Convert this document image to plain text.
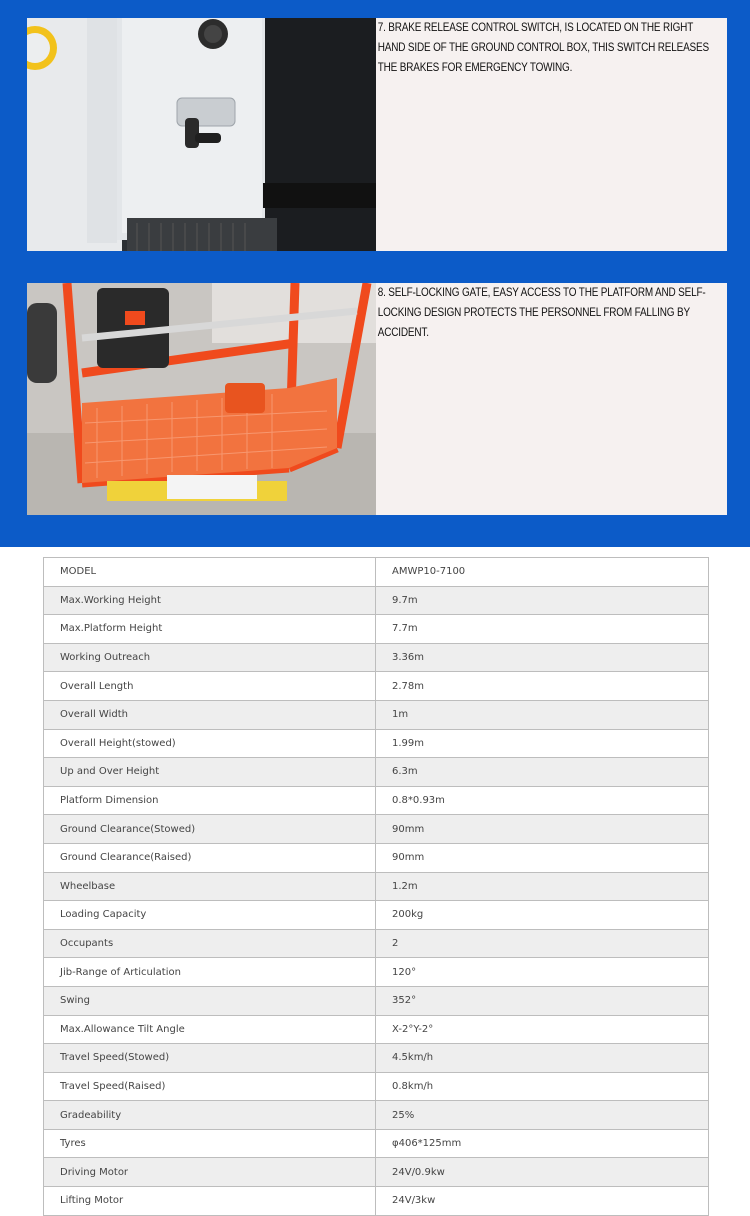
7. BRAKE RELEASE CONTROL SWITCH, IS LOCATED ON THE RIGHT HAND SIDE OF THE GROUND CONTROL BOX, THIS SWITCH RELEASES THE BRAKES FOR EMERGENCY TOWING.
8. SELF-LOCKING GATE, EASY ACCESS TO THE PLATFORM AND SELF-LOCKING DESIGN PROTECTS THE PERSONNEL FROM FALLING BY ACCIDENT.
MODEL	AMWP10-7100
Max.Working Height	9.7m
Max.Platform Height	7.7m
Working Outreach	3.36m
Overall Length	2.78m
Overall Width	1m
Overall Height(stowed)	1.99m
Up and Over Height	6.3m
Platform Dimension	0.8*0.93m
Ground Clearance(Stowed)	90mm
Ground Clearance(Raised)	90mm
Wheelbase	1.2m
Loading Capacity	200kg
Occupants	2
Jib-Range of Articulation	120°
Swing	352°
Max.Allowance Tilt Angle	X-2°Y-2°
Travel Speed(Stowed)	4.5km/h
Travel Speed(Raised)	0.8km/h
Gradeability	25%
Tyres	φ406*125mm
Driving Motor	24V/0.9kw
Lifting Motor	24V/3kw
